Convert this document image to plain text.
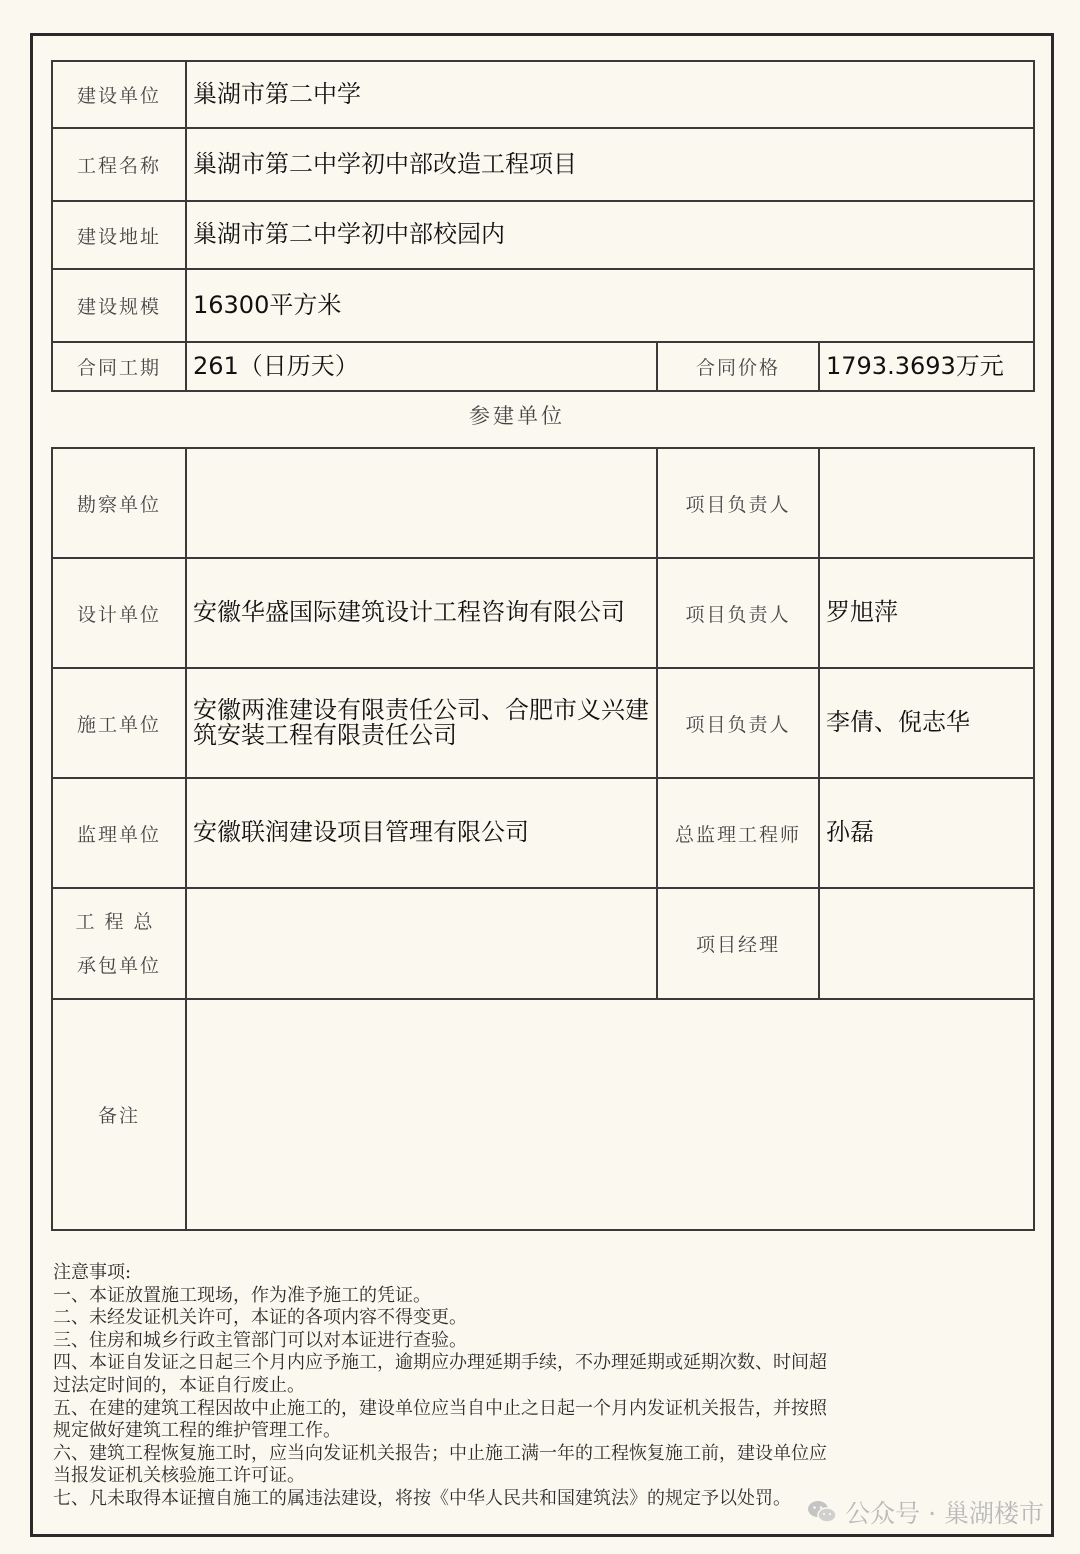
建设单位	巢湖市第二中学		
工程名称	巢湖市第二中学初中部改造工程项目		
建设地址	巢湖市第二中学初中部校园内		
建设规模	16300平方米		
合同工期	261（日历天）	合同价格	1793.3693万元
参建单位
勘察单位		项目负责人	
设计单位	安徽华盛国际建筑设计工程咨询有限公司	项目负责人	罗旭萍
施工单位	安徽两淮建设有限责任公司、合肥市义兴建筑安装工程有限责任公司	项目负责人	李倩、倪志华
监理单位	安徽联润建设项目管理有限公司	总监理工程师	孙磊

工程总
承包单位		项目经理	
备注			
注意事项:
一、本证放置施工现场，作为准予施工的凭证。
二、未经发证机关许可，本证的各项内容不得变更。
三、住房和城乡行政主管部门可以对本证进行查验。
四、本证自发证之日起三个月内应予施工，逾期应办理延期手续，不办理延期或延期次数、时间超
过法定时间的，本证自行废止。
五、在建的建筑工程因故中止施工的，建设单位应当自中止之日起一个月内发证机关报告，并按照
规定做好建筑工程的维护管理工作。
六、建筑工程恢复施工时，应当向发证机关报告；中止施工满一年的工程恢复施工前，建设单位应
当报发证机关核验施工许可证。
七、凡未取得本证擅自施工的属违法建设，将按《中华人民共和国建筑法》的规定予以处罚。
公众号 · 巢湖楼市
